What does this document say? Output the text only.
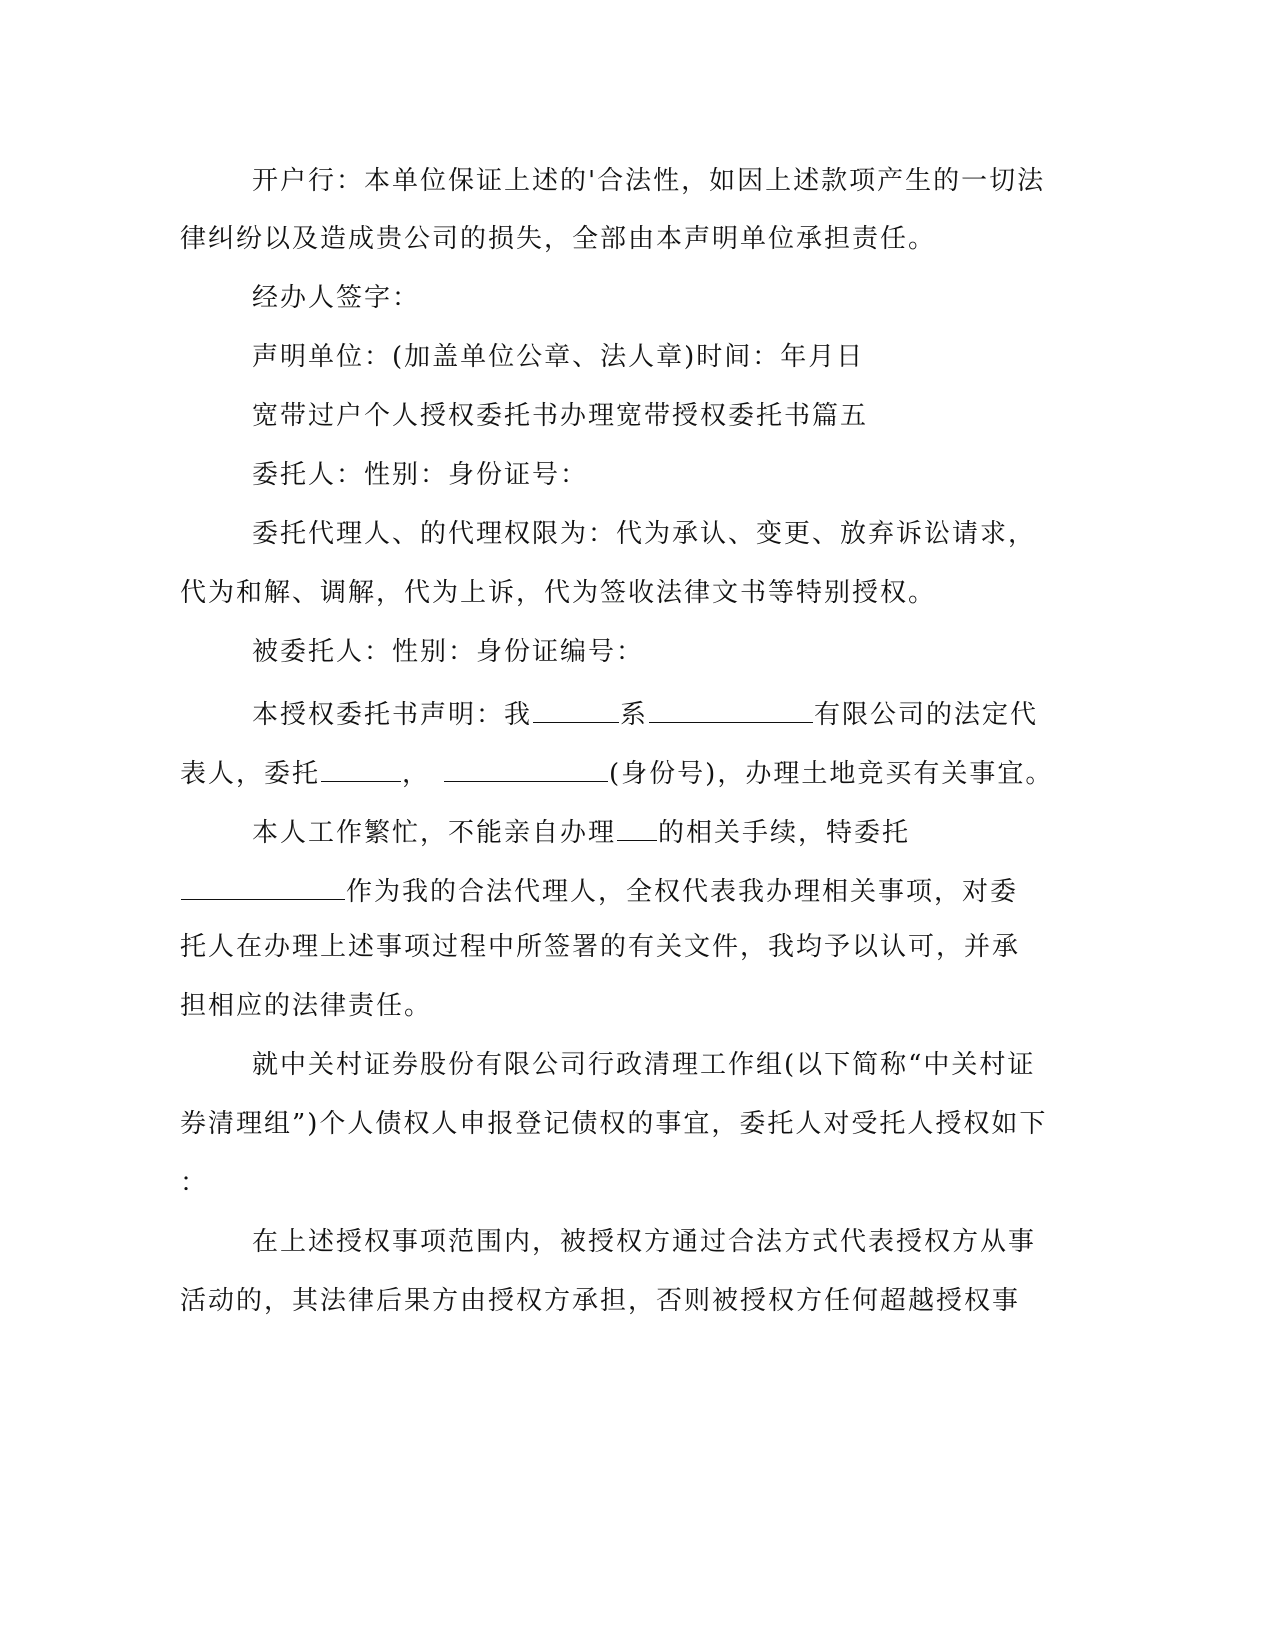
开户行：本单位保证上述的'合法性，如因上述款项产生的一切法
律纠纷以及造成贵公司的损失，全部由本声明单位承担责任。
经办人签字：
声明单位：(加盖单位公章、法人章)时间：年月日
宽带过户个人授权委托书办理宽带授权委托书篇五
委托人：性别：身份证号：
委托代理人、的代理权限为：代为承认、变更、放弃诉讼请求，
代为和解、调解，代为上诉，代为签收法律文书等特别授权。
被委托人：性别：身份证编号：
本授权委托书声明：我	系	有限公司的法定代
表人，委托	，	(身份号)，办理土地竞买有关事宜。
本人工作繁忙，不能亲自办理 的相关手续，特委托
作为我的合法代理人，全权代表我办理相关事项，对委
托人在办理上述事项过程中所签署的有关文件，我均予以认可，并承
担相应的法律责任。
就中关村证券股份有限公司行政清理工作组(以下简称“中关村证
券清理组”)个人债权人申报登记债权的事宜，委托人对受托人授权如下
：
在上述授权事项范围内，被授权方通过合法方式代表授权方从事
活动的，其法律后果方由授权方承担，否则被授权方任何超越授权事
